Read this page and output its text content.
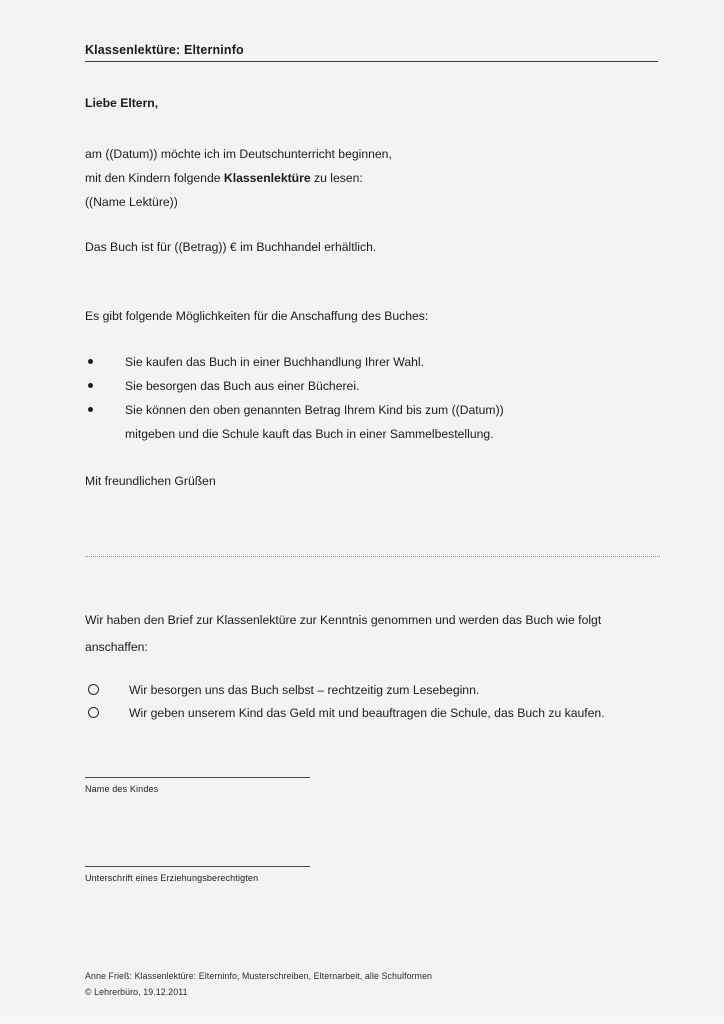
Klassenlektüre: Elterninfo
Liebe Eltern,
am ((Datum)) möchte ich im Deutschunterricht beginnen,
mit den Kindern folgende Klassenlektüre zu lesen:
((Name Lektüre))
Das Buch ist für ((Betrag)) € im Buchhandel erhältlich.
Es gibt folgende Möglichkeiten für die Anschaffung des Buches:
Sie kaufen das Buch in einer Buchhandlung Ihrer Wahl.
Sie besorgen das Buch aus einer Bücherei.
Sie können den oben genannten Betrag Ihrem Kind bis zum ((Datum))
mitgeben und die Schule kauft das Buch in einer Sammelbestellung.
Mit freundlichen Grüßen
Wir haben den Brief zur Klassenlektüre zur Kenntnis genommen und werden das Buch wie folgt anschaffen:
Wir besorgen uns das Buch selbst – rechtzeitig zum Lesebeginn.
Wir geben unserem Kind das Geld mit und beauftragen die Schule, das Buch zu kaufen.
Name des Kindes
Unterschrift eines Erziehungsberechtigten
Anne Frieß: Klassenlektüre: Elterninfo, Musterschreiben, Elternarbeit, alle Schulformen
© Lehrerbüro, 19.12.2011
